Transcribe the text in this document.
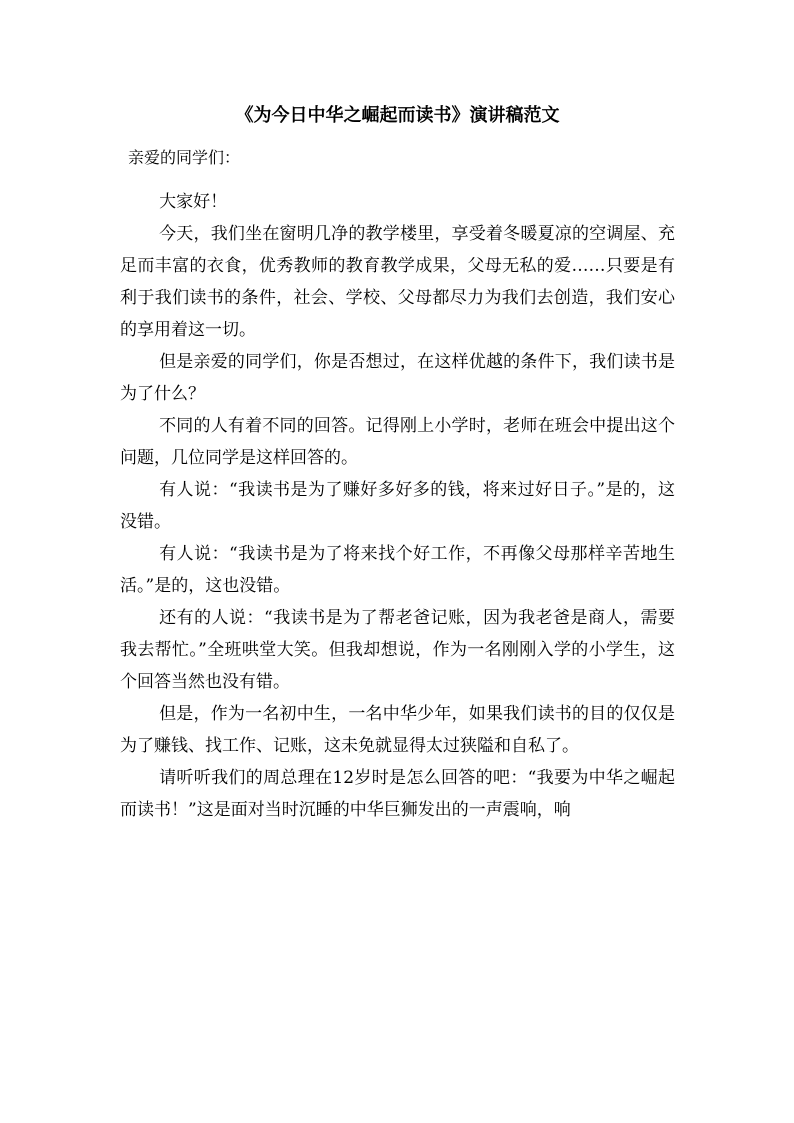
《为今日中华之崛起而读书》演讲稿范文
亲爱的同学们：

大家好！

今天，我们坐在窗明几净的教学楼里，享受着冬暖夏凉的空调屋、充足而丰富的衣食，优秀教师的教育教学成果，父母无私的爱……只要是有利于我们读书的条件，社会、学校、父母都尽力为我们去创造，我们安心的享用着这一切。

但是亲爱的同学们，你是否想过，在这样优越的条件下，我们读书是为了什么？

不同的人有着不同的回答。记得刚上小学时，老师在班会中提出这个问题，几位同学是这样回答的。

有人说：“我读书是为了赚好多好多的钱，将来过好日子。”是的，这没错。

有人说：“我读书是为了将来找个好工作，不再像父母那样辛苦地生活。”是的，这也没错。

还有的人说：“我读书是为了帮老爸记账，因为我老爸是商人，需要我去帮忙。”全班哄堂大笑。但我却想说，作为一名刚刚入学的小学生，这个回答当然也没有错。

但是，作为一名初中生，一名中华少年，如果我们读书的目的仅仅是为了赚钱、找工作、记账，这未免就显得太过狭隘和自私了。

请听听我们的周总理在12岁时是怎么回答的吧：“我要为中华之崛起而读书！”这是面对当时沉睡的中华巨狮发出的一声震响，响
